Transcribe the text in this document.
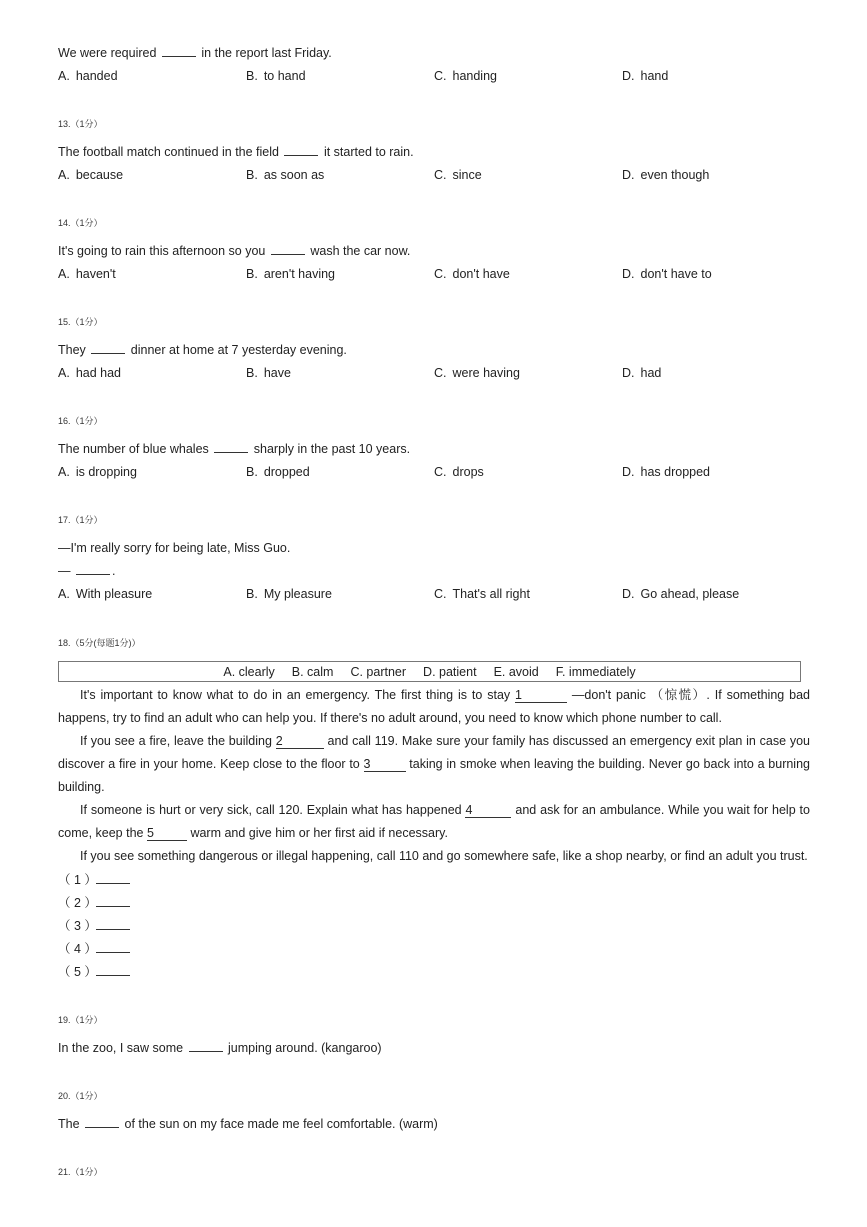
We were required	in the report last Friday.
A. handed	B. to hand	C. handing	D. hand
13.（1分）
The football match continued in the field	it started to rain.
A. because	B. as soon as	C. since	D. even though
14.（1分）
It's going to rain this afternoon so you	wash the car now.
A. haven't	B. aren't having	C. don't have	D. don't have to
15.（1分）
They	dinner at home at 7 yesterday evening.
A. had had	B. have	C. were having	D. had
16.（1分）
The number of blue whales	sharply in the past 10 years.
A. is dropping	B. dropped	C. drops	D. has dropped
17.（1分）
—I'm really sorry for being late, Miss Guo.
—	.
A. With pleasure	B. My pleasure	C. That's all right	D. Go ahead, please
18.（5分(每题1分)）
A. clearly B. calm C. partner D. patient E. avoid F. immediately
It's important to know what to do in an emergency. The first thing is to stay 1	—don't panic （惊慌）. If something bad happens, try to find an adult who can help you. If there's no adult around, you need to know which phone number to call.
If you see a fire, leave the building 2	and call 119. Make sure your family has discussed an emergency exit plan in case you discover a fire in your home. Keep close to the floor to 3	taking in smoke when leaving the building. Never go back into a burning building.
If someone is hurt or very sick, call 120. Explain what has happened 4	and ask for an ambulance. While you wait for help to come, keep the 5	warm and give him or her first aid if necessary.
If you see something dangerous or illegal happening, call 110 and go somewhere safe, like a shop nearby, or find an adult you trust.
（ 1 ）
（ 2 ）
（ 3 ）
（ 4 ）
（ 5 ）
19.（1分）
In the zoo, I saw some	jumping around. (kangaroo)
20.（1分）
The	of the sun on my face made me feel comfortable. (warm)
21.（1分）
